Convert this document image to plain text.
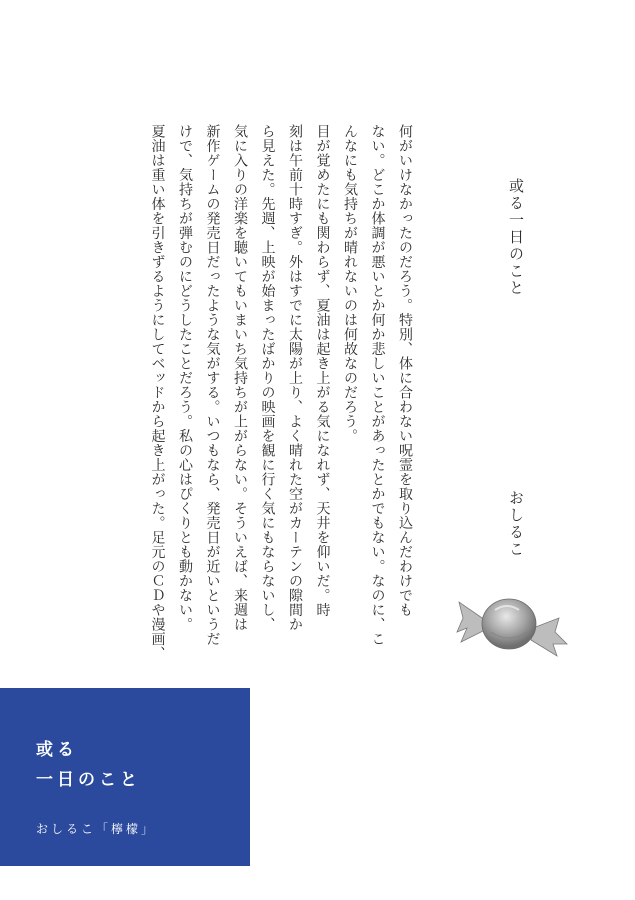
或る一日のこと
おしるこ
何がいけなかったのだろう。特別、体に合わない呪霊を取り込んだわけでも
ない。どこか体調が悪いとか何か悲しいことがあったとかでもない。なのに、こ
んなにも気持ちが晴れないのは何故なのだろう。
目が覚めたにも関わらず、夏油は起き上がる気になれず、天井を仰いだ。時
刻は午前十時すぎ。外はすでに太陽が上り、よく晴れた空がカーテンの隙間か
ら見えた。先週、上映が始まったばかりの映画を観に行く気にもならないし、
気に入りの洋楽を聴いてもいまいち気持ちが上がらない。そういえば、来週は
新作ゲームの発売日だったような気がする。いつもなら、発売日が近いというだ
けで、気持ちが弾むのにどうしたことだろう。私の心はぴくりとも動かない。
夏油は重い体を引きずるようにしてベッドから起き上がった。足元のＣＤや漫画、
或る
一日のこと
おしるこ「檸檬」
